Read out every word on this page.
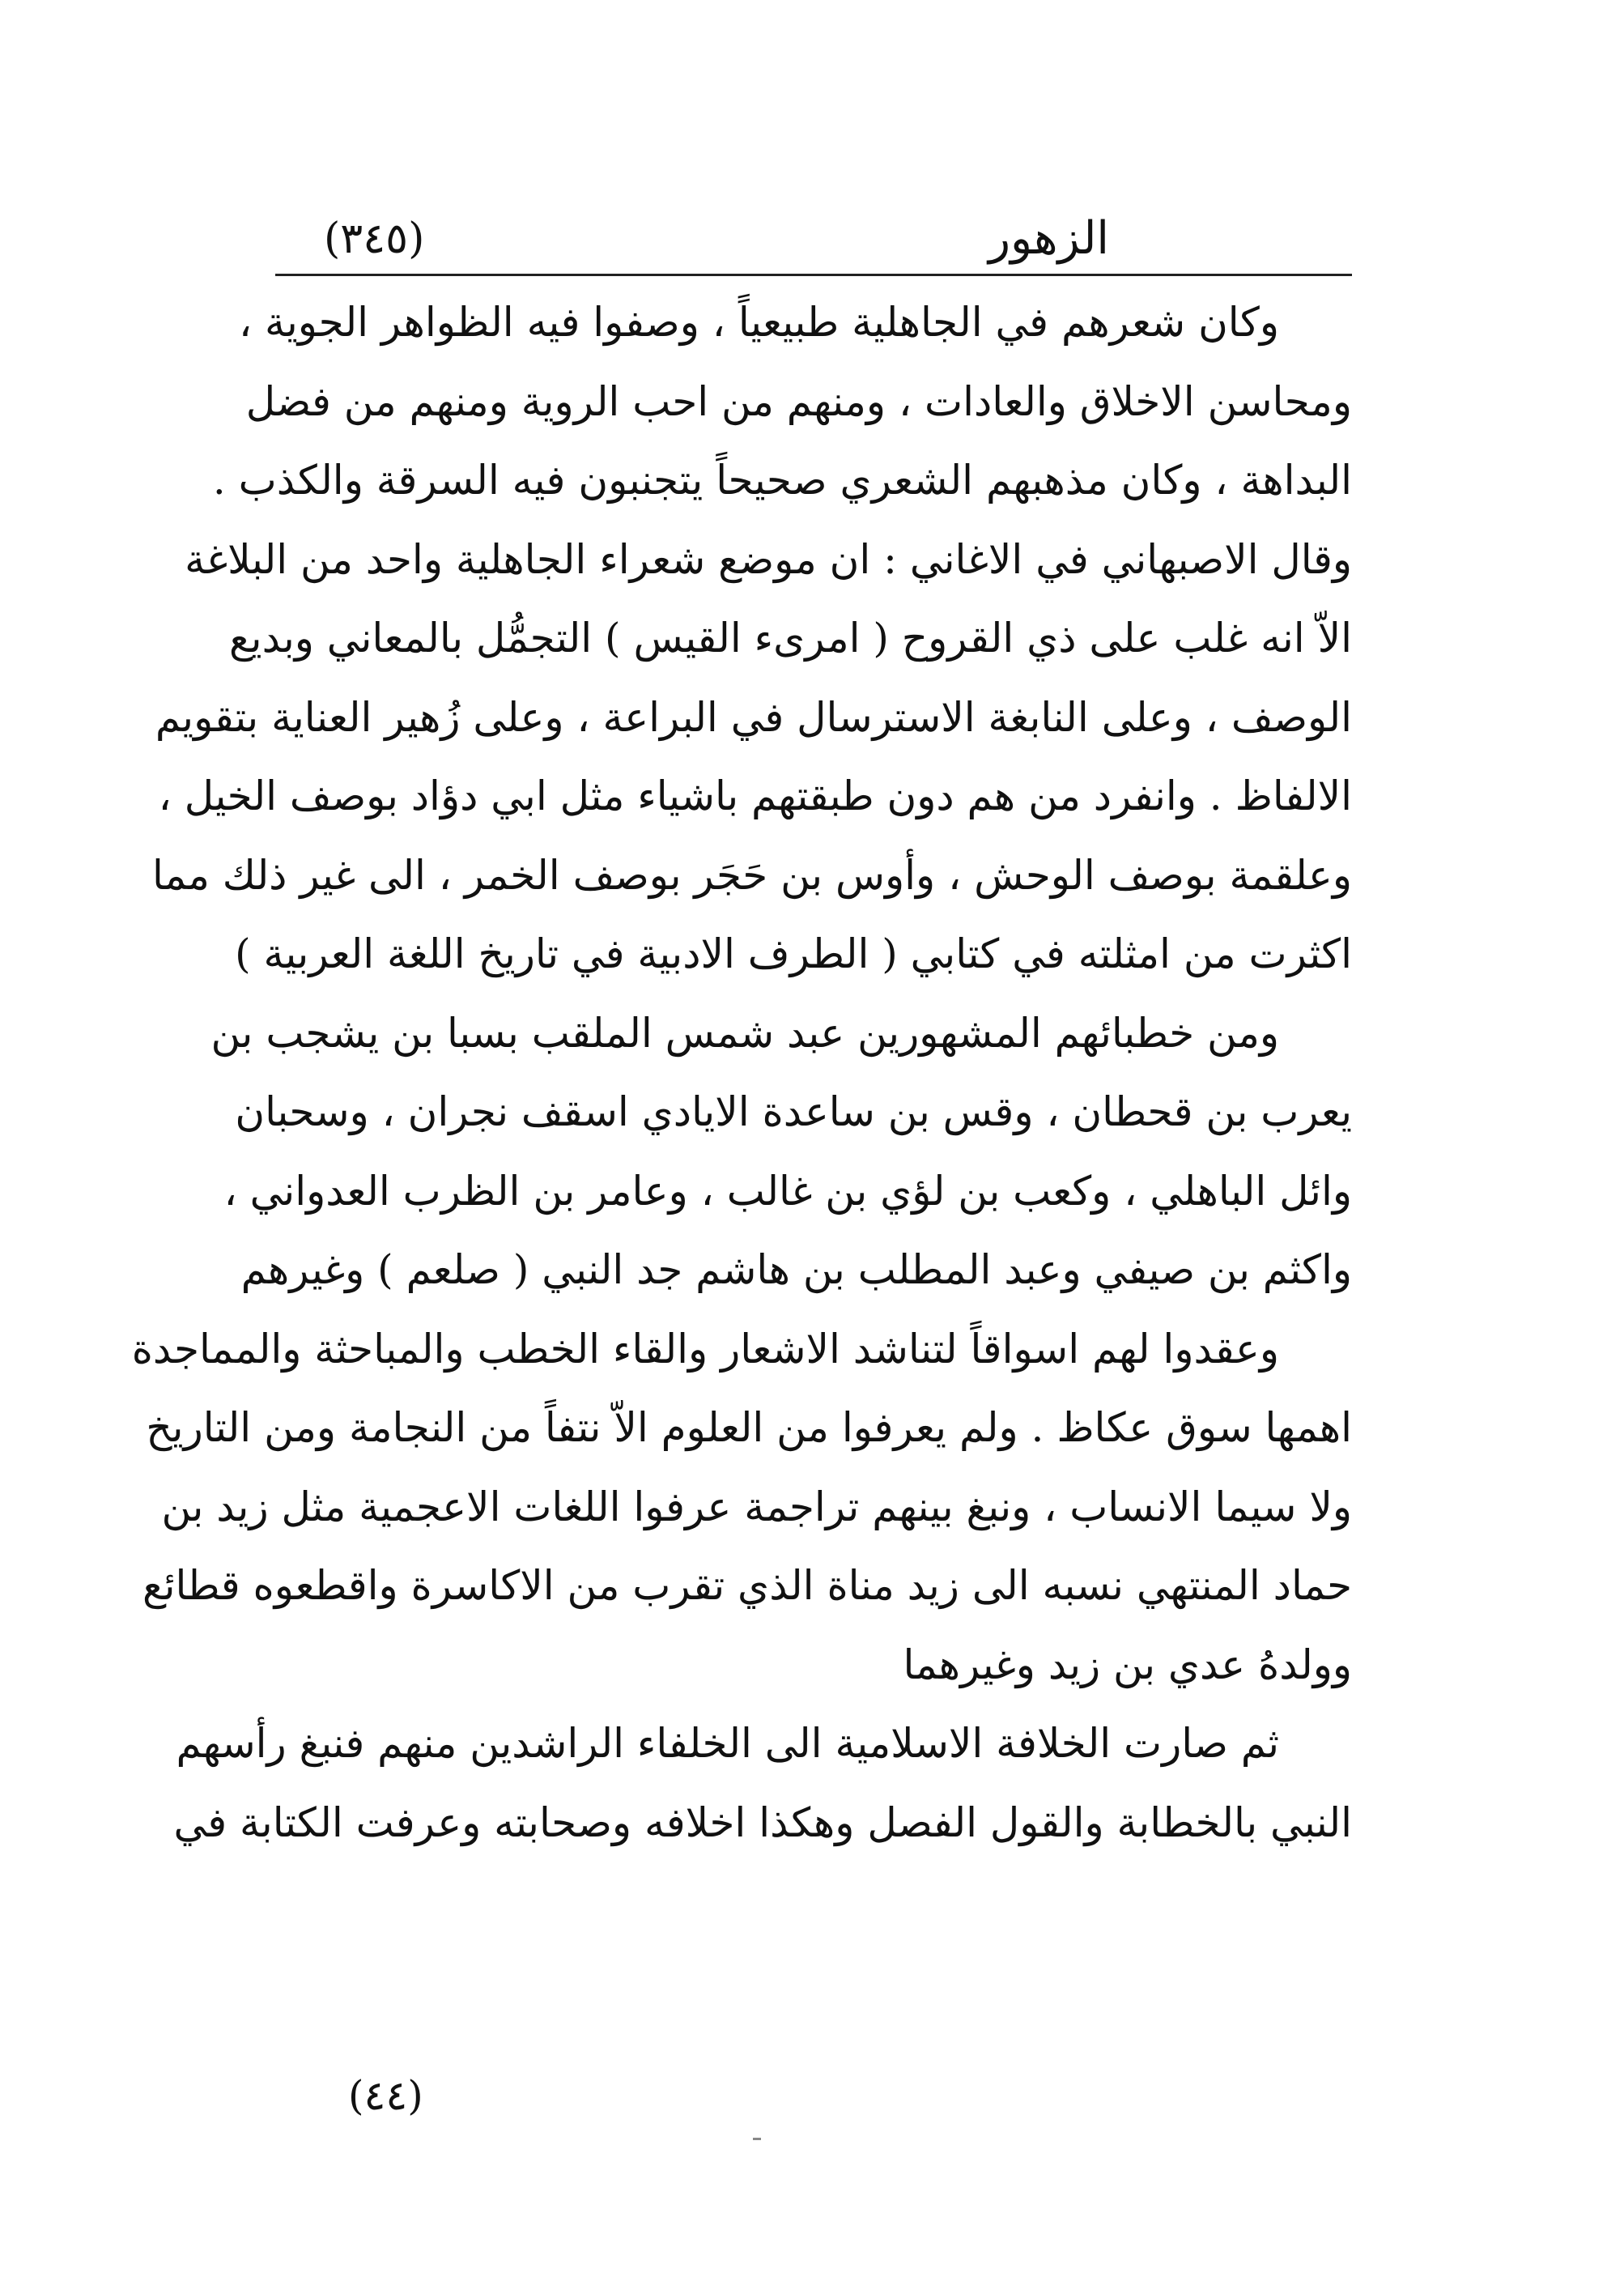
الزهور
(٣٤٥)

وكان شعرهم في الجاهلية طبيعياً ، وصفوا فيه الظواهر الجوية ،
ومحاسن الاخلاق والعادات ، ومنهم من احب الروية ومنهم من فضل
البداهة ، وكان مذهبهم الشعري صحيحاً يتجنبون فيه السرقة والكذب .

وقال الاصبهاني في الاغاني : ان موضع شعراء الجاهلية واحد من البلاغة
الاّ انه غلب على ذي القروح ( امرىء القيس ) التجمُّل بالمعاني وبديع
الوصف ، وعلى النابغة الاسترسال في البراعة ، وعلى زُهير العناية بتقويم
الالفاظ . وانفرد من هم دون طبقتهم باشياء مثل ابي دؤاد بوصف الخيل ،
وعلقمة بوصف الوحش ، وأوس بن حَجَر بوصف الخمر ، الى غير ذلك مما
اكثرت من امثلته في كتابي ( الطرف الادبية في تاريخ اللغة العربية )

ومن خطبائهم المشهورين عبد شمس الملقب بسبا بن يشجب بن
يعرب بن قحطان ، وقس بن ساعدة الايادي اسقف نجران ، وسحبان
وائل الباهلي ، وكعب بن لؤي بن غالب ، وعامر بن الظرب العدواني ،
واكثم بن صيفي وعبد المطلب بن هاشم جد النبي ( صلعم ) وغيرهم

وعقدوا لهم اسواقاً لتناشد الاشعار والقاء الخطب والمباحثة والمماجدة
اهمها سوق عكاظ . ولم يعرفوا من العلوم الاّ نتفاً من النجامة ومن التاريخ
ولا سيما الانساب ، ونبغ بينهم تراجمة عرفوا اللغات الاعجمية مثل زيد بن
حماد المنتهي نسبه الى زيد مناة الذي تقرب من الاكاسرة واقطعوه قطائع
وولدهُ عدي بن زيد وغيرهما

ثم صارت الخلافة الاسلامية الى الخلفاء الراشدين منهم فنبغ رأسهم
النبي بالخطابة والقول الفصل وهكذا اخلافه وصحابته وعرفت الكتابة في

(٤٤)
